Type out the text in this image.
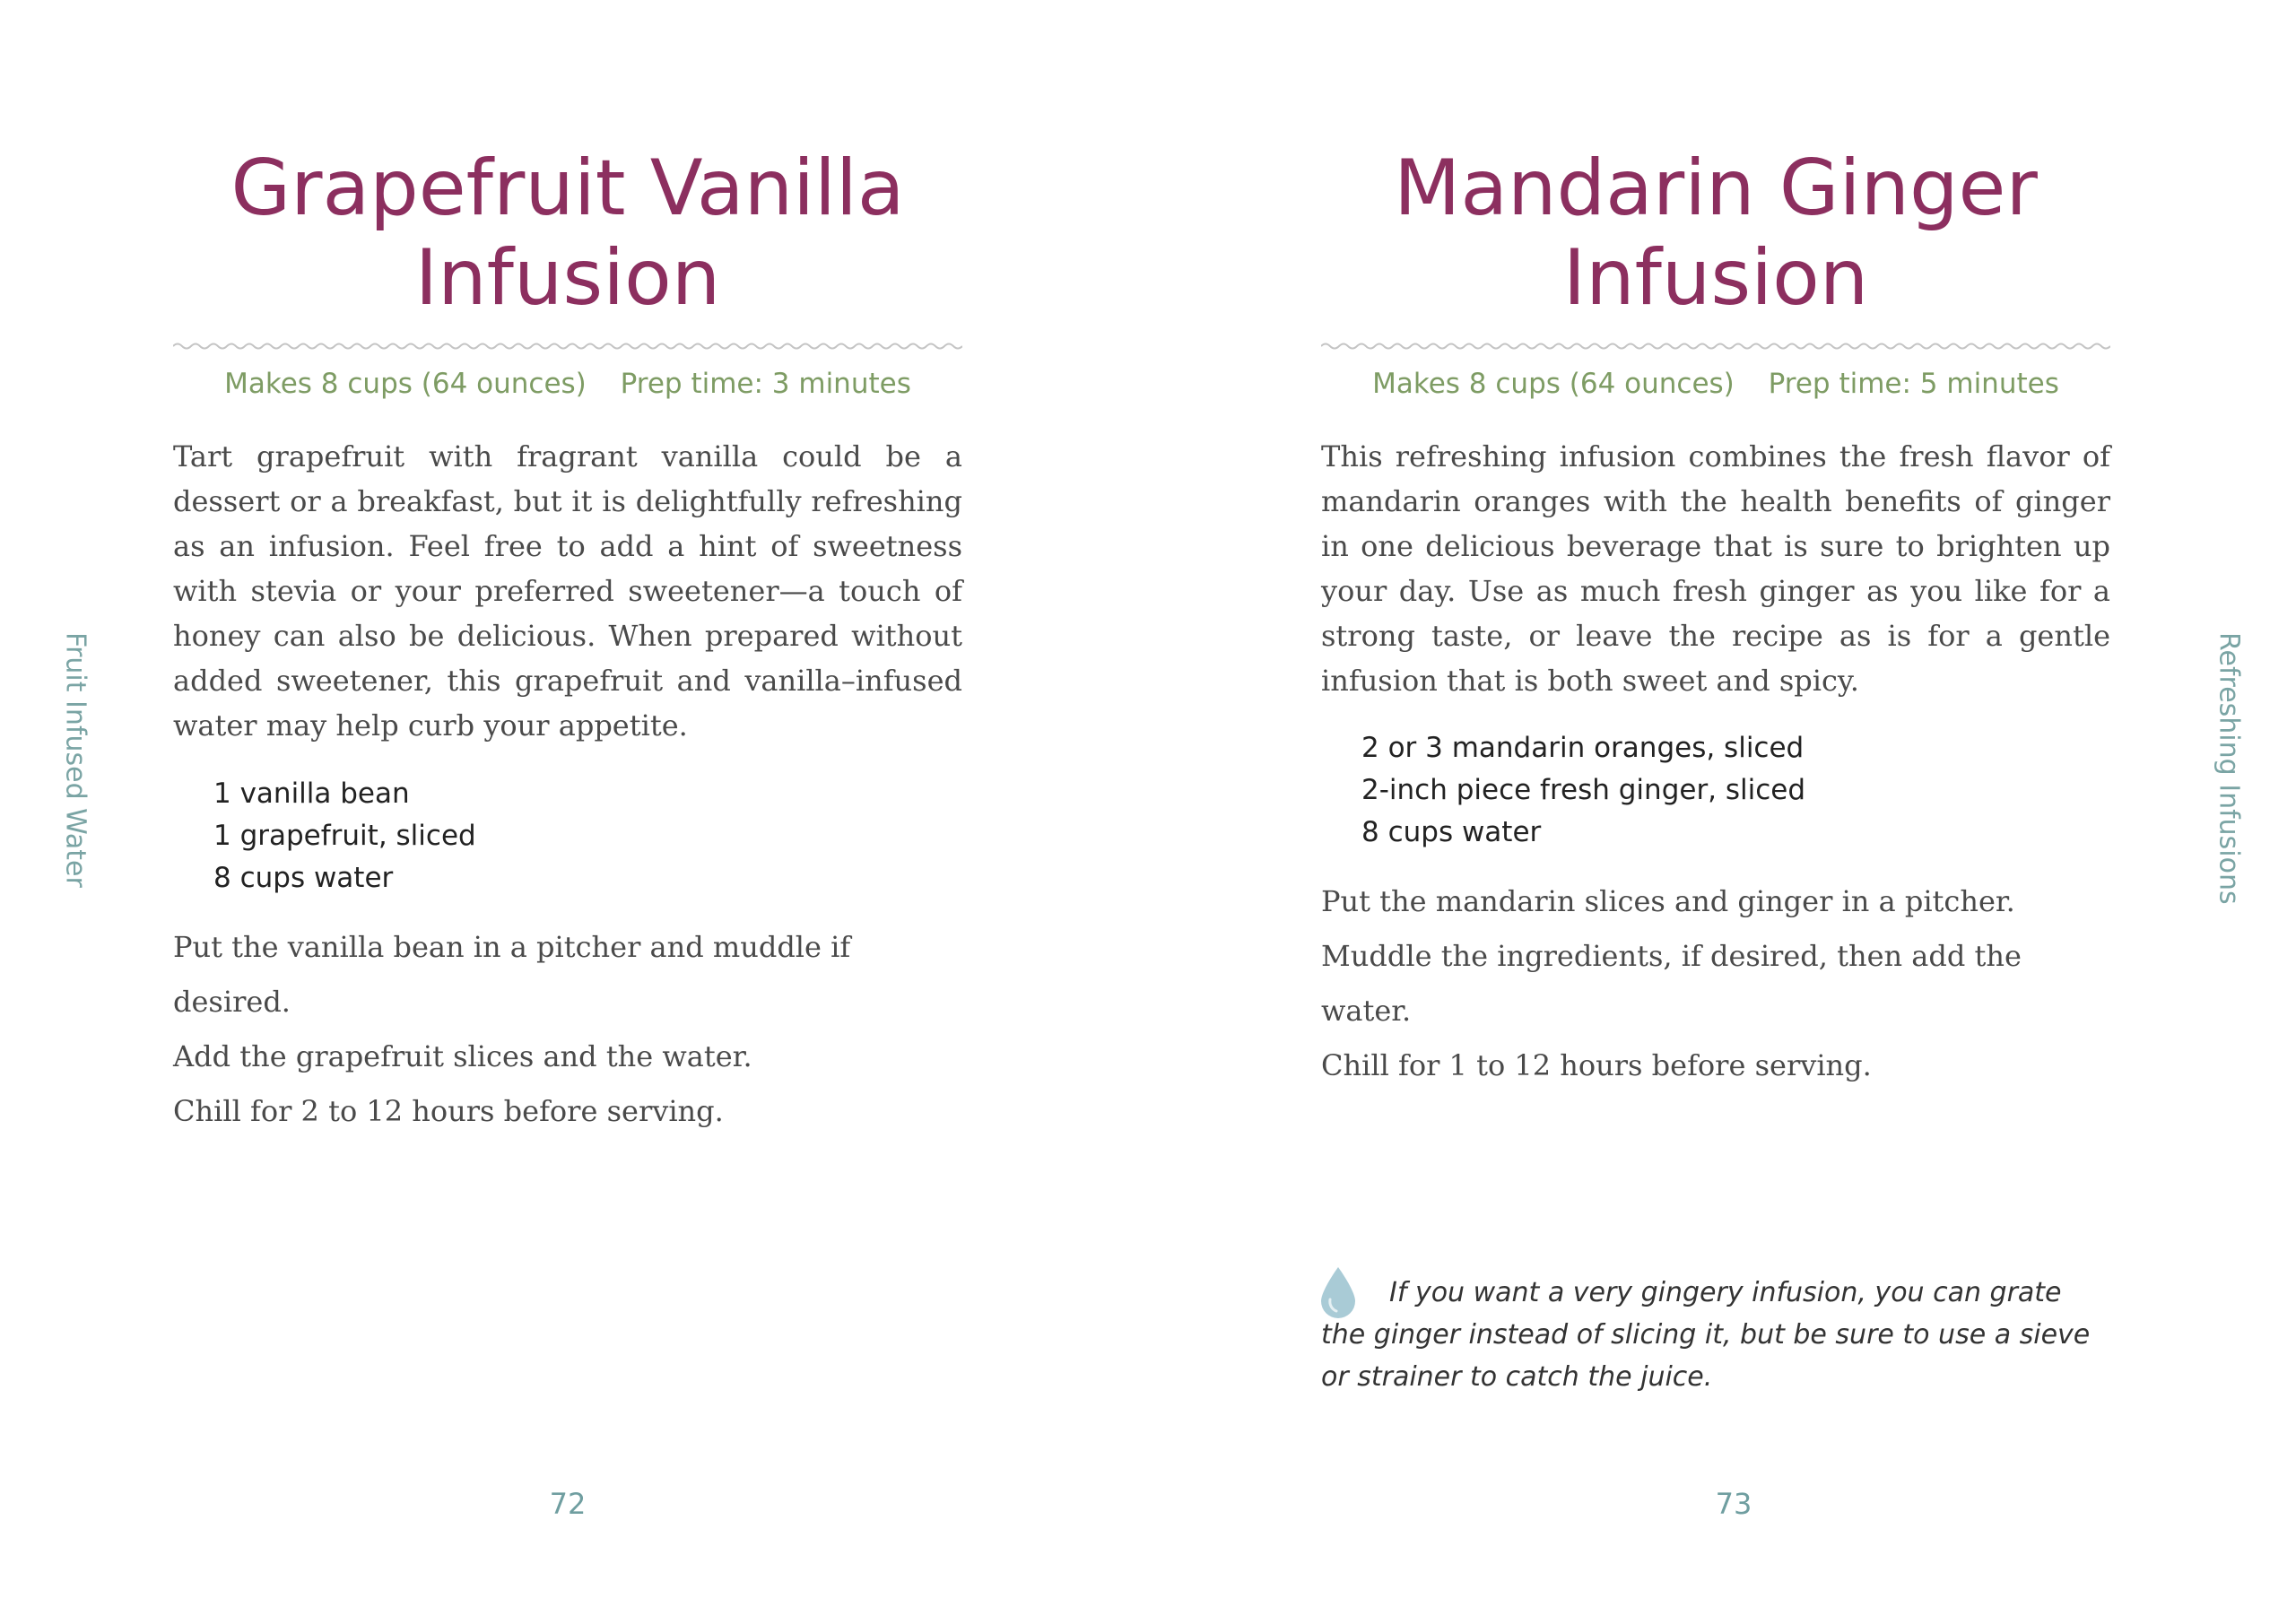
Grapefruit Vanilla
Infusion
Makes 8 cups (64 ounces) Prep time: 3 minutes

Tart grapefruit with fragrant vanilla could be a dessert or a breakfast, but it is delightfully refreshing as an infusion. Feel free to add a hint of sweetness with stevia or your preferred sweetener—a touch of honey can also be delicious. When prepared without added sweetener, this grapefruit and vanilla–infused water may help curb your appetite.

1 vanilla bean
1 grapefruit, sliced
8 cups water
Put the vanilla bean in a pitcher and muddle if desired.
Add the grapefruit slices and the water.
Chill for 2 to 12 hours before serving.
Fruit Infused Water
72
Mandarin Ginger
Infusion
Makes 8 cups (64 ounces) Prep time: 5 minutes

This refreshing infusion combines the fresh flavor of mandarin oranges with the health benefits of ginger in one delicious beverage that is sure to brighten up your day. Use as much fresh ginger as you like for a strong taste, or leave the recipe as is for a gentle infusion that is both sweet and spicy.

2 or 3 mandarin oranges, sliced
2-inch piece fresh ginger, sliced
8 cups water
Put the mandarin slices and ginger in a pitcher.
Muddle the ingredients, if desired, then add the water.
Chill for 1 to 12 hours before serving.
If you want a very gingery infusion, you can grate the ginger instead of slicing it, but be sure to use a sieve or strainer to catch the juice.
Refreshing Infusions
73
